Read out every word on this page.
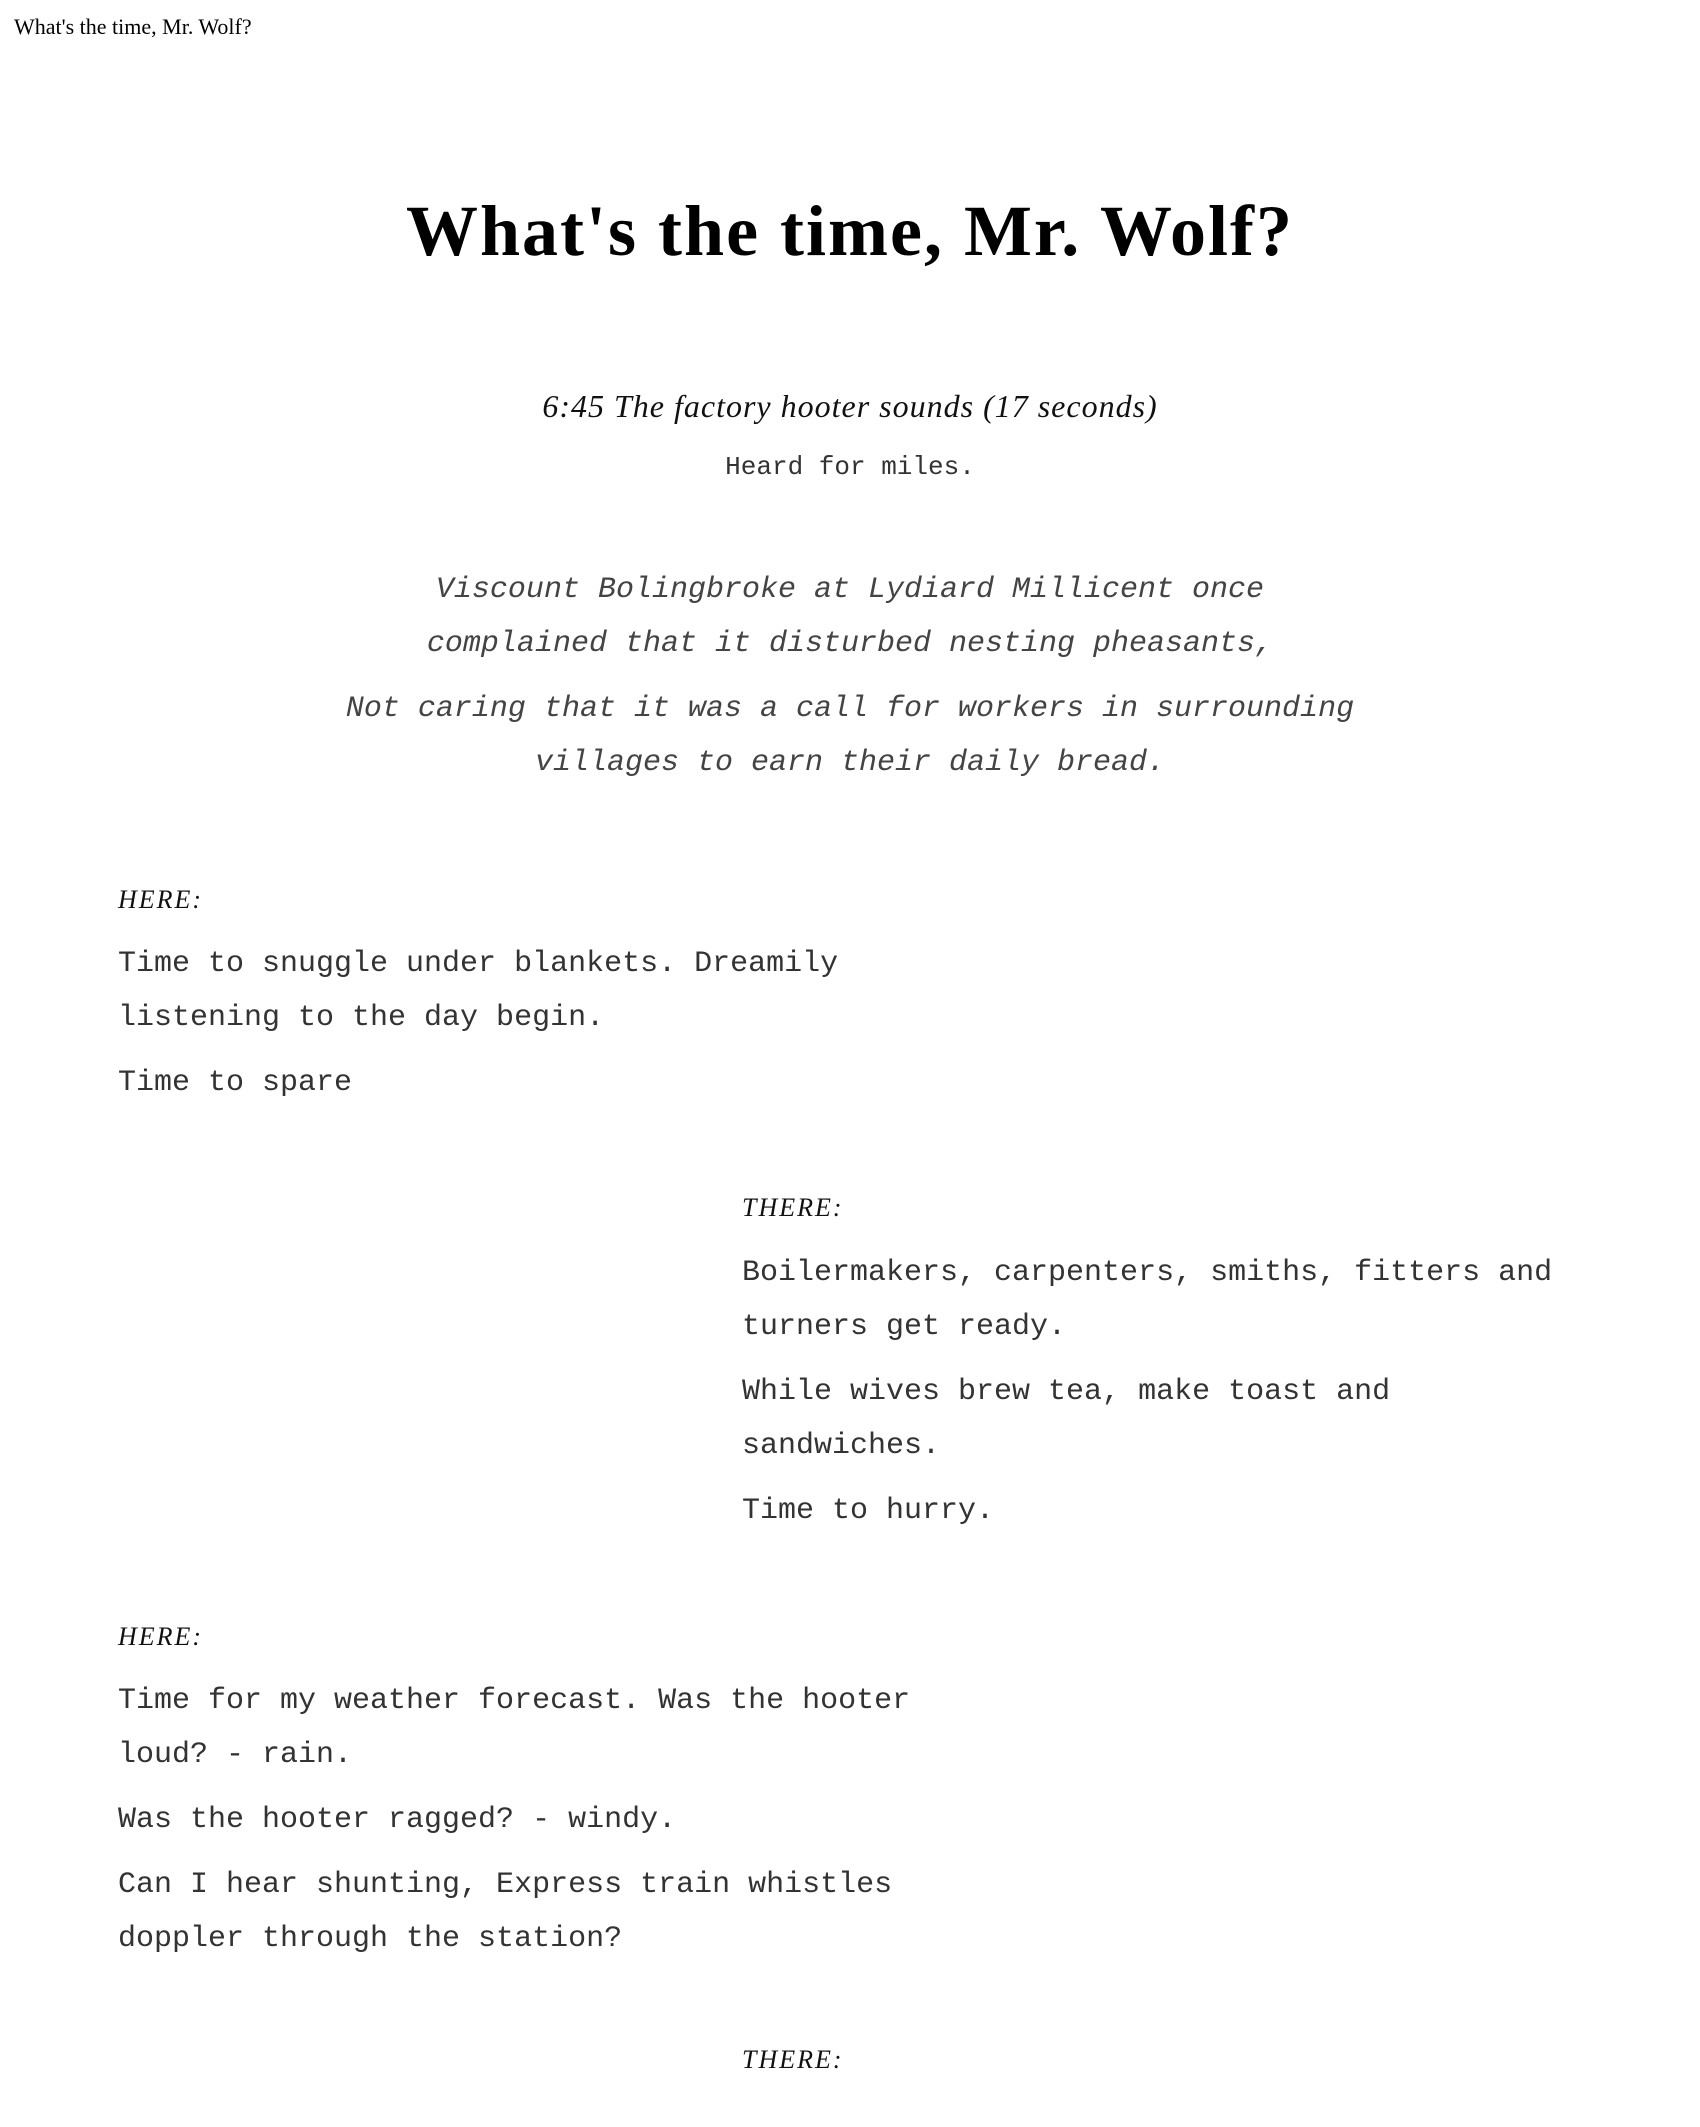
What's the time, Mr. Wolf?
What's the time, Mr. Wolf?
6:45 The factory hooter sounds (17 seconds)
Heard for miles.
Viscount Bolingbroke at Lydiard Millicent once
complained that it disturbed nesting pheasants,
Not caring that it was a call for workers in surrounding
villages to earn their daily bread.
HERE:
Time to snuggle under blankets. Dreamily
listening to the day begin.
Time to spare
THERE:
Boilermakers, carpenters, smiths, fitters and
turners get ready.
While wives brew tea, make toast and
sandwiches.
Time to hurry.
HERE:
Time for my weather forecast. Was the hooter
loud? - rain.
Was the hooter ragged? - windy.
Can I hear shunting, Express train whistles
doppler through the station?
THERE:
